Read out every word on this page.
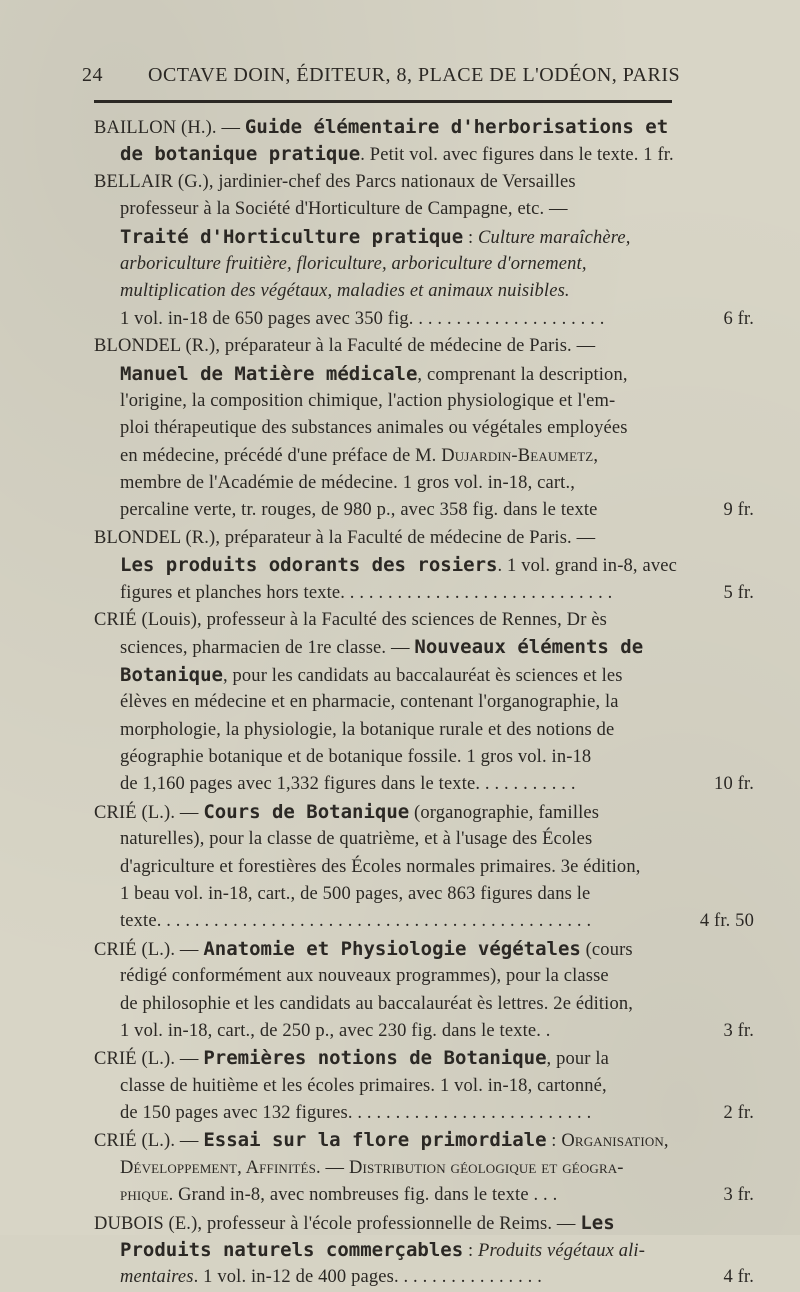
24	OCTAVE DOIN, ÉDITEUR, 8, PLACE DE L'ODÉON, PARIS
BAILLON (H.). — Guide élémentaire d'herborisations et
de botanique pratique. Petit vol. avec figures dans le texte. 1 fr.
BELLAIR (G.), jardinier-chef des Parcs nationaux de Versailles
professeur à la Société d'Horticulture de Campagne, etc. —
Traité d'Horticulture pratique : Culture maraîchère,
arboriculture fruitière, floriculture, arboriculture d'ornement,
multiplication des végétaux, maladies et animaux nuisibles.
1 vol. in-18 de 650 pages avec 350 fig. . . . . . . . . . . . . . . . . . . . .	6 fr.
BLONDEL (R.), préparateur à la Faculté de médecine de Paris. —
Manuel de Matière médicale, comprenant la description,
l'origine, la composition chimique, l'action physiologique et l'em-
ploi thérapeutique des substances animales ou végétales employées
en médecine, précédé d'une préface de M. Dujardin-Beaumetz,
membre de l'Académie de médecine. 1 gros vol. in-18, cart.,
percaline verte, tr. rouges, de 980 p., avec 358 fig. dans le texte	9 fr.
BLONDEL (R.), préparateur à la Faculté de médecine de Paris. —
Les produits odorants des rosiers. 1 vol. grand in-8, avec
figures et planches hors texte. . . . . . . . . . . . . . . . . . . . . . . . . . . . .	5 fr.
CRIÉ (Louis), professeur à la Faculté des sciences de Rennes, Dr ès
sciences, pharmacien de 1re classe. — Nouveaux éléments de
Botanique, pour les candidats au baccalauréat ès sciences et les
élèves en médecine et en pharmacie, contenant l'organographie, la
morphologie, la physiologie, la botanique rurale et des notions de
géographie botanique et de botanique fossile. 1 gros vol. in-18
de 1,160 pages avec 1,332 figures dans le texte. . . . . . . . . . .	10 fr.
CRIÉ (L.). — Cours de Botanique (organographie, familles
naturelles), pour la classe de quatrième, et à l'usage des Écoles
d'agriculture et forestières des Écoles normales primaires. 3e édition,
1 beau vol. in-18, cart., de 500 pages, avec 863 figures dans le
texte. . . . . . . . . . . . . . . . . . . . . . . . . . . . . . . . . . . . . . . . . . . . . .	4 fr. 50
CRIÉ (L.). — Anatomie et Physiologie végétales (cours
rédigé conformément aux nouveaux programmes), pour la classe
de philosophie et les candidats au baccalauréat ès lettres. 2e édition,
1 vol. in-18, cart., de 250 p., avec 230 fig. dans le texte. .	3 fr.
CRIÉ (L.). — Premières notions de Botanique, pour la
classe de huitième et les écoles primaires. 1 vol. in-18, cartonné,
de 150 pages avec 132 figures. . . . . . . . . . . . . . . . . . . . . . . . . .	2 fr.
CRIÉ (L.). — Essai sur la flore primordiale : Organisation,
Développement, Affinités. — Distribution géologique et géogra-
phique. Grand in-8, avec nombreuses fig. dans le texte . . .	3 fr.
DUBOIS (E.), professeur à l'école professionnelle de Reims. — Les
Produits naturels commerçables : Produits végétaux ali-
mentaires. 1 vol. in-12 de 400 pages. . . . . . . . . . . . . . . .	4 fr.
